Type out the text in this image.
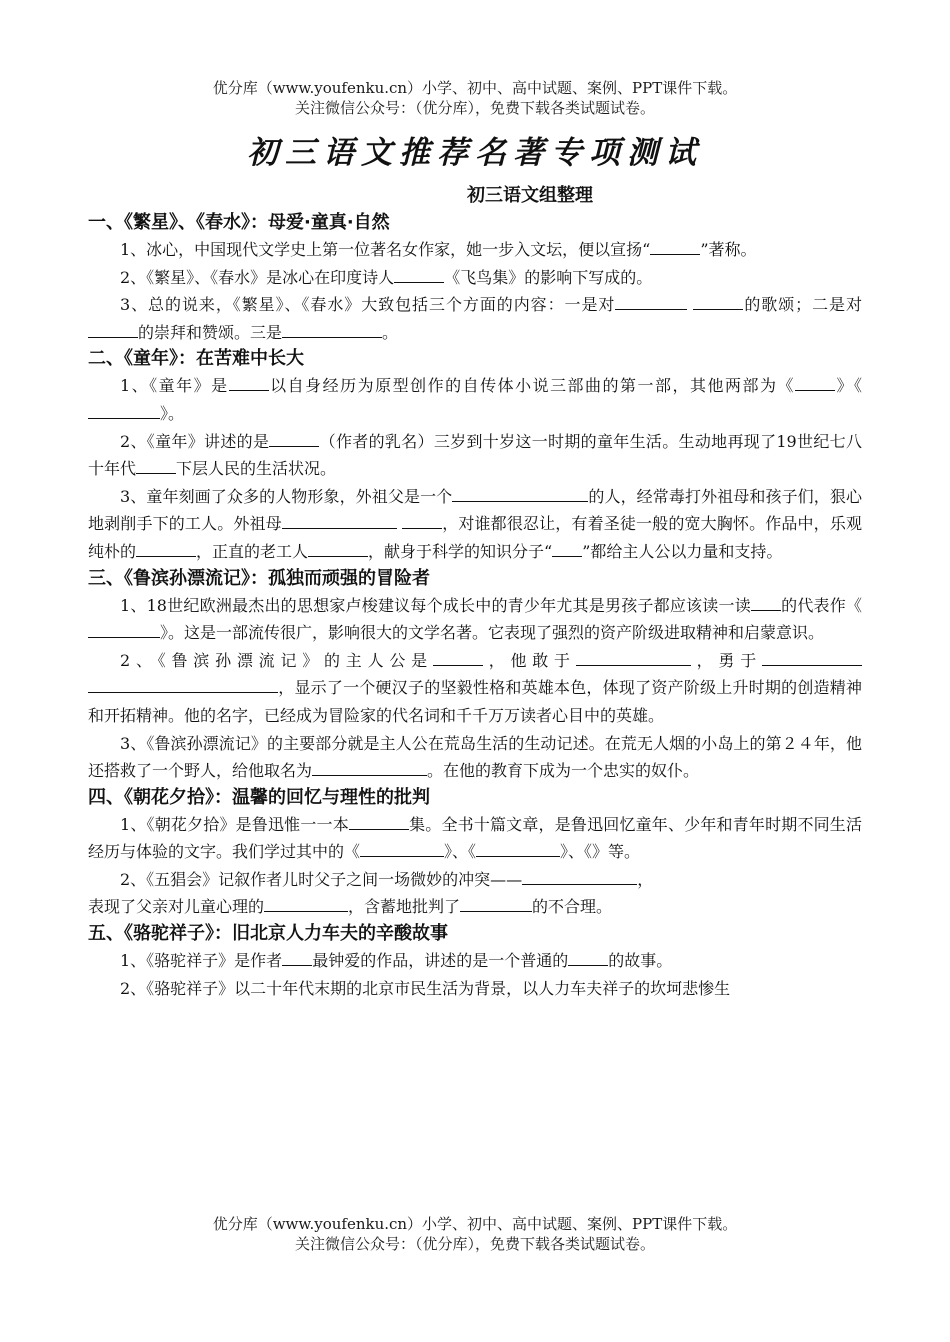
优分库（www.youfenku.cn）小学、初中、高中试题、案例、PPT课件下载。
关注微信公众号：（优分库），免费下载各类试题试卷。
初三语文推荐名著专项测试
初三语文组整理
一、《繁星》、《春水》：母爱·童真·自然

1、冰心，中国现代文学史上第一位著名女作家，她一步入文坛，便以宣扬“	”著称。

2、《繁星》、《春水》是冰心在印度诗人	《飞鸟集》的影响下写成的。

3、总的说来，《繁星》、《春水》大致包括三个方面的内容：一是对	的歌颂；二是对的崇拜和赞颂。三是	。

二、《童年》：在苦难中长大

1、《童年》是	以自身经历为原型创作的自传体小说三部曲的第一部，其他两部为《	》《》。

2、《童年》讲述的是	（作者的乳名）三岁到十岁这一时期的童年生活。生动地再现了19世纪七八十年代	下层人民的生活状况。

3、童年刻画了众多的人物形象，外祖父是一个	的人，经常毒打外祖母和孩子们，狠心地剥削手下的工人。外祖母	，对谁都很忍让，有着圣徒一般的宽大胸怀。作品中，乐观纯朴的	，正直的老工人	，献身于科学的知识分子“ ”都给主人公以力量和支持。

三、《鲁滨孙漂流记》：孤独而顽强的冒险者

1、18世纪欧洲最杰出的思想家卢梭建议每个成长中的青少年尤其是男孩子都应该读一读 的代表作《》。这是一部流传很广，影响很大的文学名著。它表现了强烈的资产阶级进取精神和启蒙意识。

2、《鲁滨孙漂流记》的主人公是	，他敢于	，勇于 ，显示了一个硬汉子的坚毅性格和英雄本色，体现了资产阶级上升时期的创造精神和开拓精神。他的名字，已经成为冒险家的代名词和千千万万读者心目中的英雄。

3、《鲁滨孙漂流记》的主要部分就是主人公在荒岛生活的生动记述。在荒无人烟的小岛上的第２４年，他还搭救了一个野人，给他取名为	。在他的教育下成为一个忠实的奴仆。

四、《朝花夕拾》：温馨的回忆与理性的批判

1、《朝花夕拾》是鲁迅惟一一本	集。全书十篇文章，是鲁迅回忆童年、少年和青年时期不同生活经历与体验的文字。我们学过其中的《	》、《	》、《》等。

2、《五猖会》记叙作者儿时父子之间一场微妙的冲突——	，

表现了父亲对儿童心理的	，含蓄地批判了	的不合理。

五、《骆驼祥子》：旧北京人力车夫的辛酸故事

1、《骆驼祥子》是作者 最钟爱的作品，讲述的是一个普通的	的故事。

2、《骆驼祥子》以二十年代末期的北京市民生活为背景，以人力车夫祥子的坎坷悲惨生

优分库（www.youfenku.cn）小学、初中、高中试题、案例、PPT课件下载。
关注微信公众号：（优分库），免费下载各类试题试卷。
